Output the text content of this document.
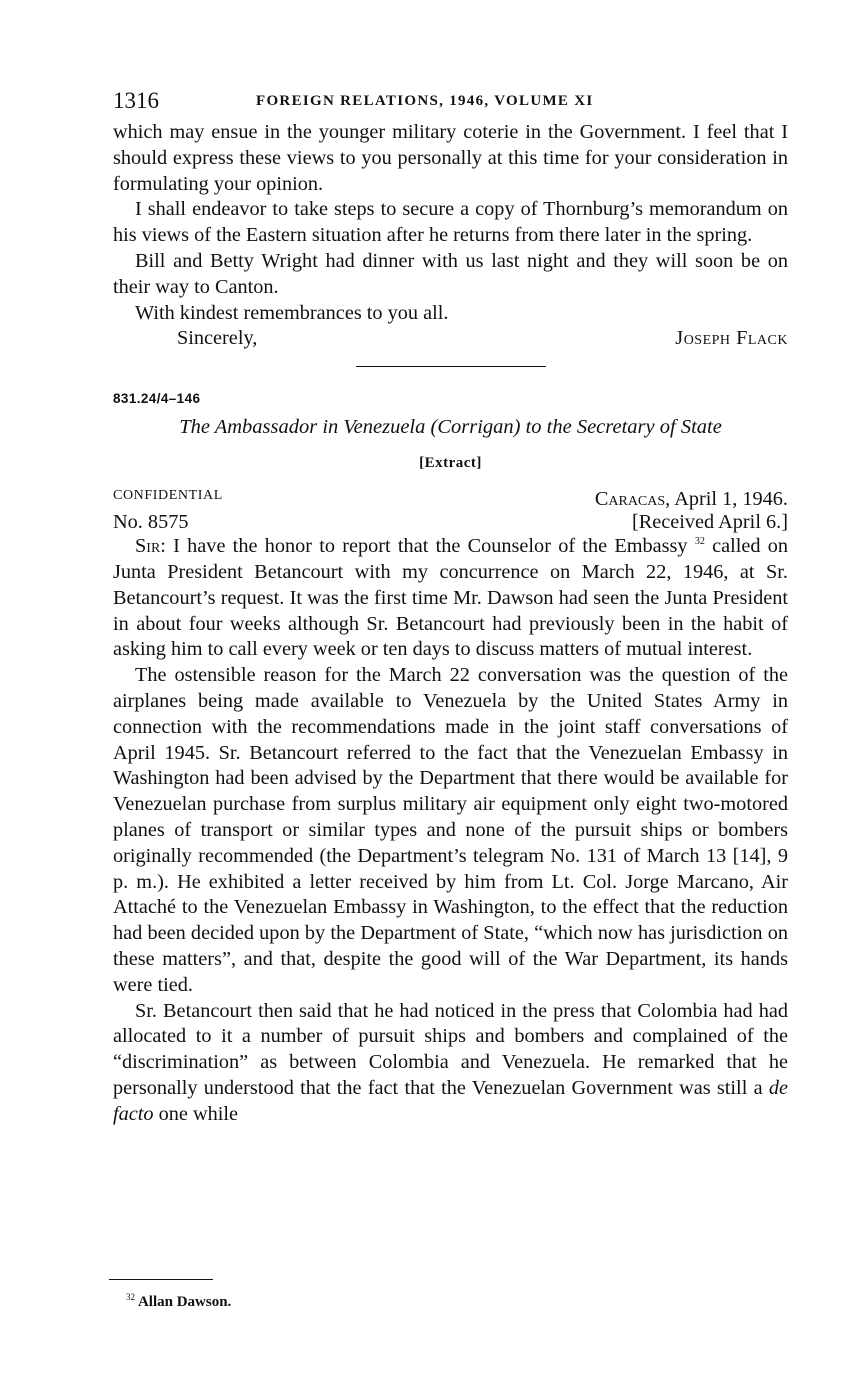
1316	FOREIGN RELATIONS, 1946, VOLUME XI

which may ensue in the younger military coterie in the Government. I feel that I should express these views to you personally at this time for your consideration in formulating your opinion.

I shall endeavor to take steps to secure a copy of Thornburg’s memorandum on his views of the Eastern situation after he returns from there later in the spring.

Bill and Betty Wright had dinner with us last night and they will soon be on their way to Canton.

With kindest remembrances to you all.

Sincerely,	Joseph Flack
831.24/4–146
The Ambassador in Venezuela (Corrigan) to the Secretary of State
[Extract]
CONFIDENTIAL	Caracas, April 1, 1946.
No. 8575	[Received April 6.]

Sir: I have the honor to report that the Counselor of the Embassy $^{32}$ called on Junta President Betancourt with my concurrence on March 22, 1946, at Sr. Betancourt’s request. It was the first time Mr. Dawson had seen the Junta President in about four weeks although Sr. Betancourt had previously been in the habit of asking him to call every week or ten days to discuss matters of mutual interest.

The ostensible reason for the March 22 conversation was the question of the airplanes being made available to Venezuela by the United States Army in connection with the recommendations made in the joint staff conversations of April 1945. Sr. Betancourt referred to the fact that the Venezuelan Embassy in Washington had been advised by the Department that there would be available for Venezuelan purchase from surplus military air equipment only eight two-motored planes of transport or similar types and none of the pursuit ships or bombers originally recommended (the Department’s telegram No. 131 of March 13 [14], 9 p. m.). He exhibited a letter received by him from Lt. Col. Jorge Marcano, Air Attaché to the Venezuelan Embassy in Washington, to the effect that the reduction had been decided upon by the Department of State, “which now has jurisdiction on these matters”, and that, despite the good will of the War Department, its hands were tied.

Sr. Betancourt then said that he had noticed in the press that Colombia had had allocated to it a number of pursuit ships and bombers and complained of the “discrimination” as between Colombia and Venezuela. He remarked that he personally understood that the fact that the Venezuelan Government was still a de facto one while

$^{32}$ Allan Dawson.
